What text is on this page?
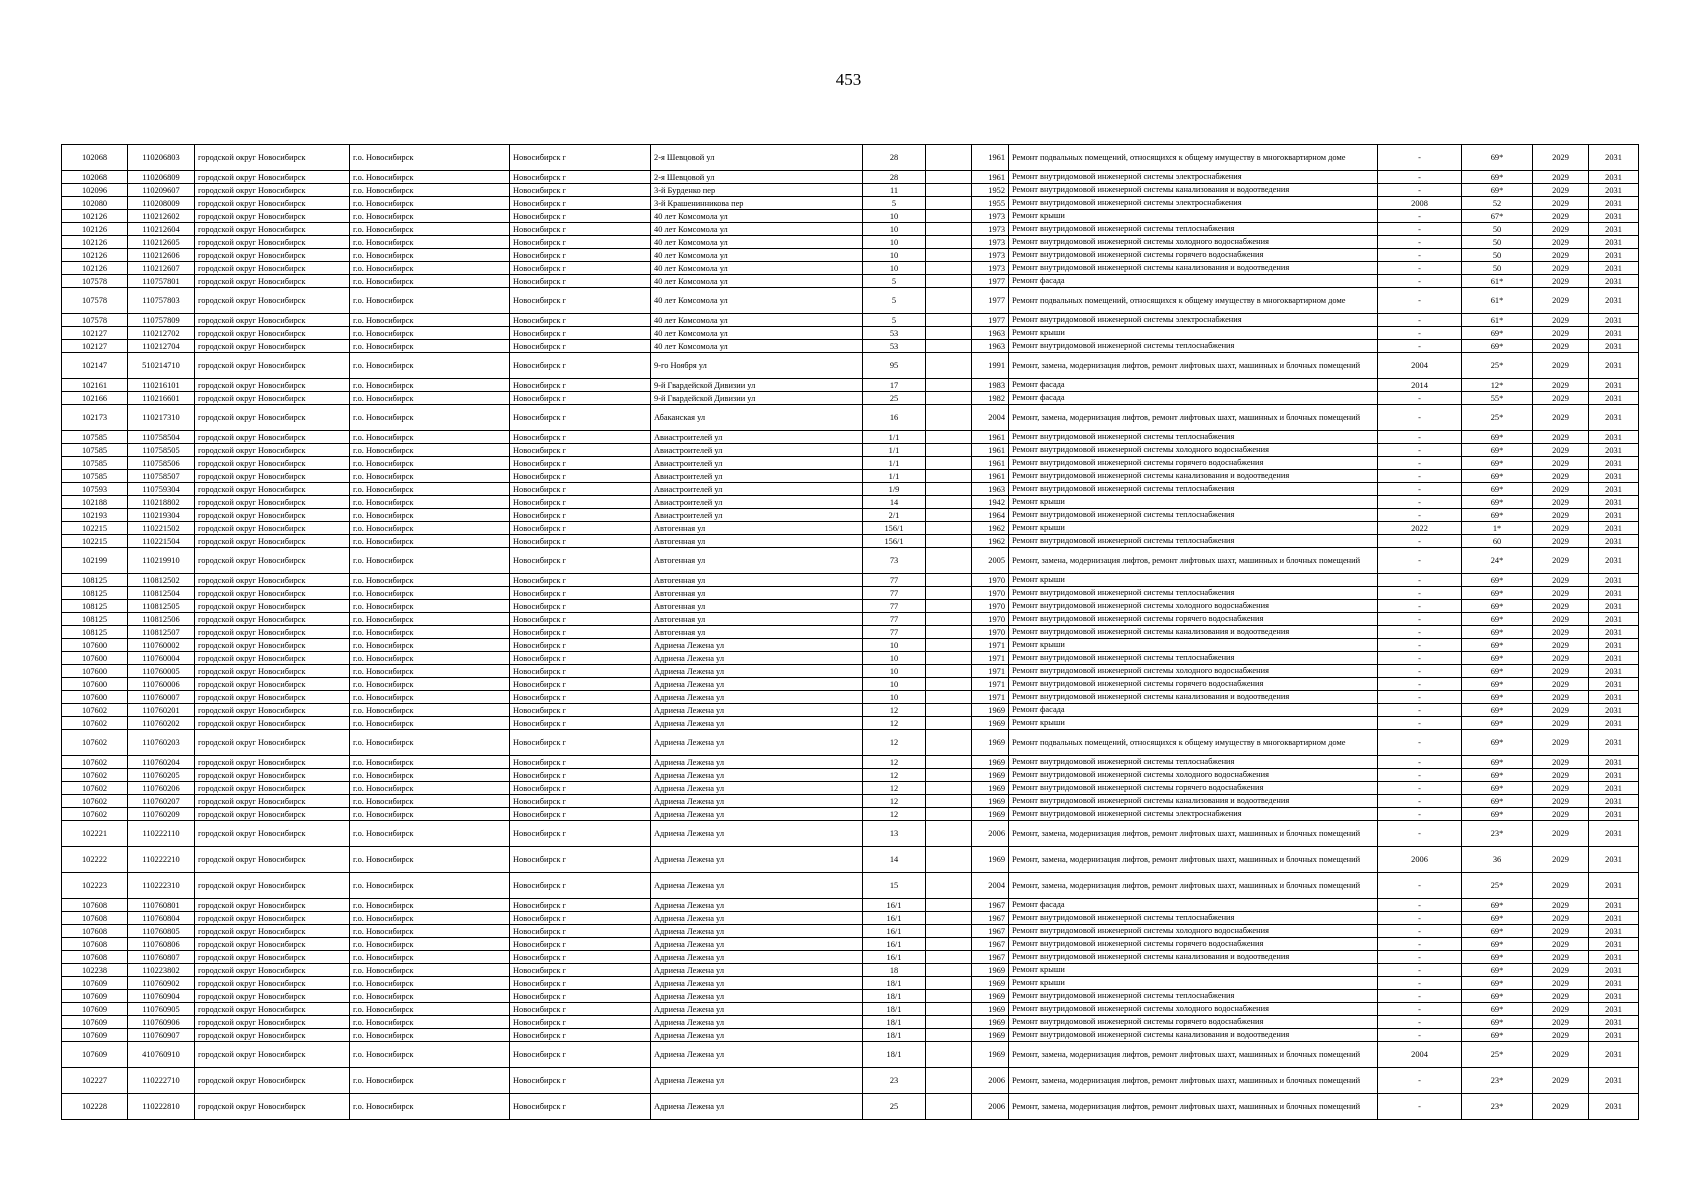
453
102068	110206803	городской округ Новосибирск	г.о. Новосибирск	Новосибирск г	2-я Шевцовой ул	28		1961	Ремонт подвальных помещений, относящихся к общему имуществу в многоквартирном доме	-	69*	2029	2031
102068	110206809	городской округ Новосибирск	г.о. Новосибирск	Новосибирск г	2-я Шевцовой ул	28		1961	Ремонт внутридомовой инженерной системы электроснабжения	-	69*	2029	2031
102096	110209607	городской округ Новосибирск	г.о. Новосибирск	Новосибирск г	3-й Бурденко пер	11		1952	Ремонт внутридомовой инженерной системы канализования и водоотведения	-	69*	2029	2031
102080	110208009	городской округ Новосибирск	г.о. Новосибирск	Новосибирск г	3-й Крашенинникова пер	5		1955	Ремонт внутридомовой инженерной системы электроснабжения	2008	52	2029	2031
102126	110212602	городской округ Новосибирск	г.о. Новосибирск	Новосибирск г	40 лет Комсомола ул	10		1973	Ремонт крыши	-	67*	2029	2031
102126	110212604	городской округ Новосибирск	г.о. Новосибирск	Новосибирск г	40 лет Комсомола ул	10		1973	Ремонт внутридомовой инженерной системы теплоснабжения	-	50	2029	2031
102126	110212605	городской округ Новосибирск	г.о. Новосибирск	Новосибирск г	40 лет Комсомола ул	10		1973	Ремонт внутридомовой инженерной системы холодного водоснабжения	-	50	2029	2031
102126	110212606	городской округ Новосибирск	г.о. Новосибирск	Новосибирск г	40 лет Комсомола ул	10		1973	Ремонт внутридомовой инженерной системы горячего водоснабжения	-	50	2029	2031
102126	110212607	городской округ Новосибирск	г.о. Новосибирск	Новосибирск г	40 лет Комсомола ул	10		1973	Ремонт внутридомовой инженерной системы канализования и водоотведения	-	50	2029	2031
107578	110757801	городской округ Новосибирск	г.о. Новосибирск	Новосибирск г	40 лет Комсомола ул	5		1977	Ремонт фасада	-	61*	2029	2031
107578	110757803	городской округ Новосибирск	г.о. Новосибирск	Новосибирск г	40 лет Комсомола ул	5		1977	Ремонт подвальных помещений, относящихся к общему имуществу в многоквартирном доме	-	61*	2029	2031
107578	110757809	городской округ Новосибирск	г.о. Новосибирск	Новосибирск г	40 лет Комсомола ул	5		1977	Ремонт внутридомовой инженерной системы электроснабжения	-	61*	2029	2031
102127	110212702	городской округ Новосибирск	г.о. Новосибирск	Новосибирск г	40 лет Комсомола ул	53		1963	Ремонт крыши	-	69*	2029	2031
102127	110212704	городской округ Новосибирск	г.о. Новосибирск	Новосибирск г	40 лет Комсомола ул	53		1963	Ремонт внутридомовой инженерной системы теплоснабжения	-	69*	2029	2031
102147	510214710	городской округ Новосибирск	г.о. Новосибирск	Новосибирск г	9-го Ноября ул	95		1991	Ремонт, замена, модернизация лифтов, ремонт лифтовых шахт, машинных и блочных помещений	2004	25*	2029	2031
102161	110216101	городской округ Новосибирск	г.о. Новосибирск	Новосибирск г	9-й Гвардейской Дивизии ул	17		1983	Ремонт фасада	2014	12*	2029	2031
102166	110216601	городской округ Новосибирск	г.о. Новосибирск	Новосибирск г	9-й Гвардейской Дивизии ул	25		1982	Ремонт фасада	-	55*	2029	2031
102173	110217310	городской округ Новосибирск	г.о. Новосибирск	Новосибирск г	Абаканская ул	16		2004	Ремонт, замена, модернизация лифтов, ремонт лифтовых шахт, машинных и блочных помещений	-	25*	2029	2031
107585	110758504	городской округ Новосибирск	г.о. Новосибирск	Новосибирск г	Авиастроителей ул	1/1		1961	Ремонт внутридомовой инженерной системы теплоснабжения	-	69*	2029	2031
107585	110758505	городской округ Новосибирск	г.о. Новосибирск	Новосибирск г	Авиастроителей ул	1/1		1961	Ремонт внутридомовой инженерной системы холодного водоснабжения	-	69*	2029	2031
107585	110758506	городской округ Новосибирск	г.о. Новосибирск	Новосибирск г	Авиастроителей ул	1/1		1961	Ремонт внутридомовой инженерной системы горячего водоснабжения	-	69*	2029	2031
107585	110758507	городской округ Новосибирск	г.о. Новосибирск	Новосибирск г	Авиастроителей ул	1/1		1961	Ремонт внутридомовой инженерной системы канализования и водоотведения	-	69*	2029	2031
107593	110759304	городской округ Новосибирск	г.о. Новосибирск	Новосибирск г	Авиастроителей ул	1/9		1963	Ремонт внутридомовой инженерной системы теплоснабжения	-	69*	2029	2031
102188	110218802	городской округ Новосибирск	г.о. Новосибирск	Новосибирск г	Авиастроителей ул	14		1942	Ремонт крыши	-	69*	2029	2031
102193	110219304	городской округ Новосибирск	г.о. Новосибирск	Новосибирск г	Авиастроителей ул	2/1		1964	Ремонт внутридомовой инженерной системы теплоснабжения	-	69*	2029	2031
102215	110221502	городской округ Новосибирск	г.о. Новосибирск	Новосибирск г	Автогенная ул	156/1		1962	Ремонт крыши	2022	1*	2029	2031
102215	110221504	городской округ Новосибирск	г.о. Новосибирск	Новосибирск г	Автогенная ул	156/1		1962	Ремонт внутридомовой инженерной системы теплоснабжения	-	60	2029	2031
102199	110219910	городской округ Новосибирск	г.о. Новосибирск	Новосибирск г	Автогенная ул	73		2005	Ремонт, замена, модернизация лифтов, ремонт лифтовых шахт, машинных и блочных помещений	-	24*	2029	2031
108125	110812502	городской округ Новосибирск	г.о. Новосибирск	Новосибирск г	Автогенная ул	77		1970	Ремонт крыши	-	69*	2029	2031
108125	110812504	городской округ Новосибирск	г.о. Новосибирск	Новосибирск г	Автогенная ул	77		1970	Ремонт внутридомовой инженерной системы теплоснабжения	-	69*	2029	2031
108125	110812505	городской округ Новосибирск	г.о. Новосибирск	Новосибирск г	Автогенная ул	77		1970	Ремонт внутридомовой инженерной системы холодного водоснабжения	-	69*	2029	2031
108125	110812506	городской округ Новосибирск	г.о. Новосибирск	Новосибирск г	Автогенная ул	77		1970	Ремонт внутридомовой инженерной системы горячего водоснабжения	-	69*	2029	2031
108125	110812507	городской округ Новосибирск	г.о. Новосибирск	Новосибирск г	Автогенная ул	77		1970	Ремонт внутридомовой инженерной системы канализования и водоотведения	-	69*	2029	2031
107600	110760002	городской округ Новосибирск	г.о. Новосибирск	Новосибирск г	Адриена Лежена ул	10		1971	Ремонт крыши	-	69*	2029	2031
107600	110760004	городской округ Новосибирск	г.о. Новосибирск	Новосибирск г	Адриена Лежена ул	10		1971	Ремонт внутридомовой инженерной системы теплоснабжения	-	69*	2029	2031
107600	110760005	городской округ Новосибирск	г.о. Новосибирск	Новосибирск г	Адриена Лежена ул	10		1971	Ремонт внутридомовой инженерной системы холодного водоснабжения	-	69*	2029	2031
107600	110760006	городской округ Новосибирск	г.о. Новосибирск	Новосибирск г	Адриена Лежена ул	10		1971	Ремонт внутридомовой инженерной системы горячего водоснабжения	-	69*	2029	2031
107600	110760007	городской округ Новосибирск	г.о. Новосибирск	Новосибирск г	Адриена Лежена ул	10		1971	Ремонт внутридомовой инженерной системы канализования и водоотведения	-	69*	2029	2031
107602	110760201	городской округ Новосибирск	г.о. Новосибирск	Новосибирск г	Адриена Лежена ул	12		1969	Ремонт фасада	-	69*	2029	2031
107602	110760202	городской округ Новосибирск	г.о. Новосибирск	Новосибирск г	Адриена Лежена ул	12		1969	Ремонт крыши	-	69*	2029	2031
107602	110760203	городской округ Новосибирск	г.о. Новосибирск	Новосибирск г	Адриена Лежена ул	12		1969	Ремонт подвальных помещений, относящихся к общему имуществу в многоквартирном доме	-	69*	2029	2031
107602	110760204	городской округ Новосибирск	г.о. Новосибирск	Новосибирск г	Адриена Лежена ул	12		1969	Ремонт внутридомовой инженерной системы теплоснабжения	-	69*	2029	2031
107602	110760205	городской округ Новосибирск	г.о. Новосибирск	Новосибирск г	Адриена Лежена ул	12		1969	Ремонт внутридомовой инженерной системы холодного водоснабжения	-	69*	2029	2031
107602	110760206	городской округ Новосибирск	г.о. Новосибирск	Новосибирск г	Адриена Лежена ул	12		1969	Ремонт внутридомовой инженерной системы горячего водоснабжения	-	69*	2029	2031
107602	110760207	городской округ Новосибирск	г.о. Новосибирск	Новосибирск г	Адриена Лежена ул	12		1969	Ремонт внутридомовой инженерной системы канализования и водоотведения	-	69*	2029	2031
107602	110760209	городской округ Новосибирск	г.о. Новосибирск	Новосибирск г	Адриена Лежена ул	12		1969	Ремонт внутридомовой инженерной системы электроснабжения	-	69*	2029	2031
102221	110222110	городской округ Новосибирск	г.о. Новосибирск	Новосибирск г	Адриена Лежена ул	13		2006	Ремонт, замена, модернизация лифтов, ремонт лифтовых шахт, машинных и блочных помещений	-	23*	2029	2031
102222	110222210	городской округ Новосибирск	г.о. Новосибирск	Новосибирск г	Адриена Лежена ул	14		1969	Ремонт, замена, модернизация лифтов, ремонт лифтовых шахт, машинных и блочных помещений	2006	36	2029	2031
102223	110222310	городской округ Новосибирск	г.о. Новосибирск	Новосибирск г	Адриена Лежена ул	15		2004	Ремонт, замена, модернизация лифтов, ремонт лифтовых шахт, машинных и блочных помещений	-	25*	2029	2031
107608	110760801	городской округ Новосибирск	г.о. Новосибирск	Новосибирск г	Адриена Лежена ул	16/1		1967	Ремонт фасада	-	69*	2029	2031
107608	110760804	городской округ Новосибирск	г.о. Новосибирск	Новосибирск г	Адриена Лежена ул	16/1		1967	Ремонт внутридомовой инженерной системы теплоснабжения	-	69*	2029	2031
107608	110760805	городской округ Новосибирск	г.о. Новосибирск	Новосибирск г	Адриена Лежена ул	16/1		1967	Ремонт внутридомовой инженерной системы холодного водоснабжения	-	69*	2029	2031
107608	110760806	городской округ Новосибирск	г.о. Новосибирск	Новосибирск г	Адриена Лежена ул	16/1		1967	Ремонт внутридомовой инженерной системы горячего водоснабжения	-	69*	2029	2031
107608	110760807	городской округ Новосибирск	г.о. Новосибирск	Новосибирск г	Адриена Лежена ул	16/1		1967	Ремонт внутридомовой инженерной системы канализования и водоотведения	-	69*	2029	2031
102238	110223802	городской округ Новосибирск	г.о. Новосибирск	Новосибирск г	Адриена Лежена ул	18		1969	Ремонт крыши	-	69*	2029	2031
107609	110760902	городской округ Новосибирск	г.о. Новосибирск	Новосибирск г	Адриена Лежена ул	18/1		1969	Ремонт крыши	-	69*	2029	2031
107609	110760904	городской округ Новосибирск	г.о. Новосибирск	Новосибирск г	Адриена Лежена ул	18/1		1969	Ремонт внутридомовой инженерной системы теплоснабжения	-	69*	2029	2031
107609	110760905	городской округ Новосибирск	г.о. Новосибирск	Новосибирск г	Адриена Лежена ул	18/1		1969	Ремонт внутридомовой инженерной системы холодного водоснабжения	-	69*	2029	2031
107609	110760906	городской округ Новосибирск	г.о. Новосибирск	Новосибирск г	Адриена Лежена ул	18/1		1969	Ремонт внутридомовой инженерной системы горячего водоснабжения	-	69*	2029	2031
107609	110760907	городской округ Новосибирск	г.о. Новосибирск	Новосибирск г	Адриена Лежена ул	18/1		1969	Ремонт внутридомовой инженерной системы канализования и водоотведения	-	69*	2029	2031
107609	410760910	городской округ Новосибирск	г.о. Новосибирск	Новосибирск г	Адриена Лежена ул	18/1		1969	Ремонт, замена, модернизация лифтов, ремонт лифтовых шахт, машинных и блочных помещений	2004	25*	2029	2031
102227	110222710	городской округ Новосибирск	г.о. Новосибирск	Новосибирск г	Адриена Лежена ул	23		2006	Ремонт, замена, модернизация лифтов, ремонт лифтовых шахт, машинных и блочных помещений	-	23*	2029	2031
102228	110222810	городской округ Новосибирск	г.о. Новосибирск	Новосибирск г	Адриена Лежена ул	25		2006	Ремонт, замена, модернизация лифтов, ремонт лифтовых шахт, машинных и блочных помещений	-	23*	2029	2031
